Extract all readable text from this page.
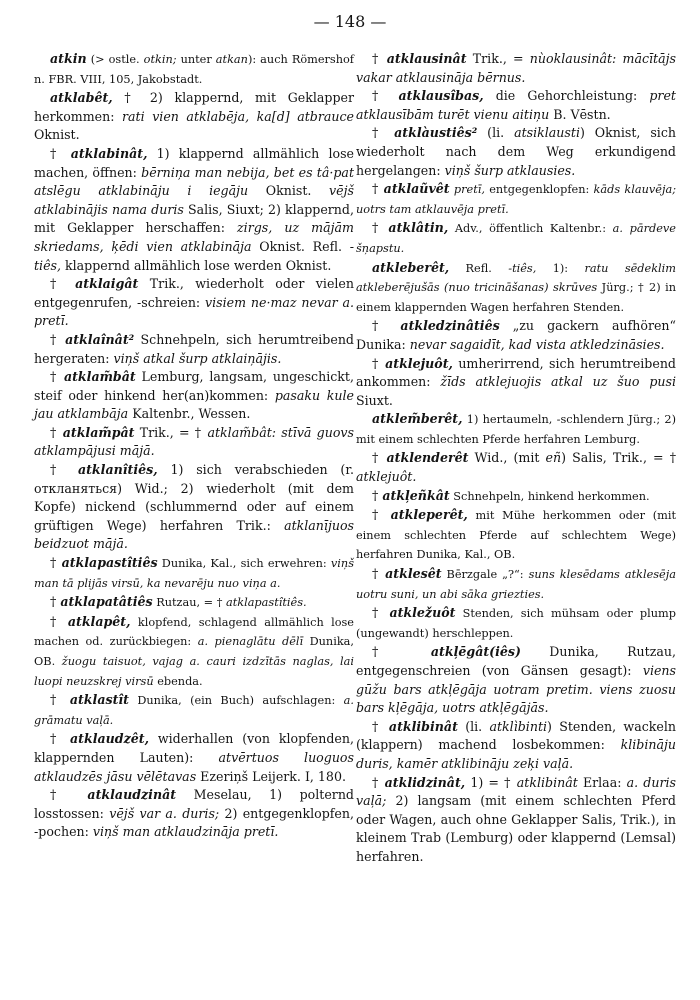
— 148 —

atkin (> ostle. otkin; unter atkan): auch Römershof n. FBR. VIII, 105, Jakobstadt.

atklabêt, † 2) klappernd, mit Geklapper herkommen: rati vien atklabēja, ka[d] atbrauce Oknist.

† atklabinât, 1) klappernd allmählich lose machen, öffnen: bērniņa man nebija, bet es tâ·pat atslēgu atklabināju i iegāju Oknist. vējš atklabinājis nama duris Salis, Siuxt; 2) klappernd, mit Geklapper herschaffen: zirgs, uz mājām skriedams, ķēdi vien atklabināja Oknist. Refl. -tiês, klappernd allmählich lose werden Oknist.

† atklaigât Trik., wiederholt oder vielen entgegenrufen, -schreien: visiem ne·maz nevar a. pretī.

† atklaînât² Schnehpeln, sich herumtreibend hergeraten: viņš atkal šurp atklaiņājis.

† atklam̃bât Lemburg, langsam, ungeschickt, steif oder hinkend her(an)kommen: pasaku kule jau atklambāja Kaltenbr., Wessen.

† atklam̃pât Trik., = † atklam̃bât: stīvā guovs atklampājusi mājā.

† atklanîtiês, 1) sich verabschieden (r. откланяться) Wid.; 2) wiederholt (mit dem Kopfe) nickend (schlummernd oder auf einem grüftigen Wege) herfahren Trik.: atklanījuos beidzuot mājā.

† atklapastîtiês Dunika, Kal., sich erwehren: viņš man tā plijās virsū, ka nevarēju nuo viņa a.

† atklapatâtiês Rutzau, = † atklapastîtiês.

† atklapêt, klopfend, schlagend allmählich lose machen od. zurückbiegen: a. pienaglātu dēlī Dunika, OB. žuogu taisuot, vajag a. cauri izdzītās naglas, lai luopi neuzskrej virsū ebenda.

† atklastît Dunika, (ein Buch) aufschlagen: a. grāmatu vaļā.

† atklaudzêt, widerhallen (von klopfenden, klappernden Lauten): atvērtuos luoguos atklaudzēs jāsu vēlētavas Ezeriņš Leijerk. I, 180.

† atklaudzinât Meselau, 1) polternd losstossen: vējš var a. duris; 2) entgegenklopfen, -pochen: viņš man atklaudzināja pretī.

† atklausinât Trik., = nùoklausinât: mācītājs vakar atklausināja bērnus.

† atklausîbas, die Gehorchleistung: pret atklausībām turēt vienu aitiņu B. Vēstn.

† atklàustiês² (li. atsiklausti) Oknist, sich wiederholt nach dem Weg erkundigend hergelangen: viņš šurp atklausies.

† atklaũvêt pretī, entgegenklopfen: kāds klauvēja; uotrs tam atklauvēja pretī.

† atklâtin, Adv., öffentlich Kaltenbr.: a. pārdeve šņapstu.

atkleberêt, Refl. -tiês, 1): ratu sēdeklim atkleberējušās (nuo tricināšanas) skrūves Jürg.; † 2) in einem klappernden Wagen herfahren Stenden.

† atkledzinâtiês „zu gackern aufhören“ Dunika: nevar sagaidīt, kad vista atkledzināsies.

† atklejuôt, umherirrend, sich herumtreibend ankommen: žīds atklejuojis atkal uz šuo pusi Siuxt.

atklem̃berêt, 1) hertaumeln, -schlendern Jürg.; 2) mit einem schlechten Pferde herfahren Lemburg.

† atklenderêt Wid., (mit eñ) Salis, Trik., = † atklejuôt.

† atkļeñkât Schnehpeln, hinkend herkommen.

† atkleperêt, mit Mühe herkommen oder (mit einem schlechten Pferde auf schlechtem Wege) herfahren Dunika, Kal., OB.

† atklesêt Bērzgale „?“: suns klesēdams atklesēja uotru suni, un abi sāka griezties.

† atkležuôt Stenden, sich mühsam oder plump (ungewandt) herschleppen.

† atkļēgât(iês) Dunika, Rutzau, entgegenschreien (von Gänsen gesagt): viens gūžu bars atkļēgāja uotram pretim. viens zuosu bars kļēgāja, uotrs atkļēgājās.

† atklibinât (li. atklìbinti) Stenden, wackeln (klappern) machend losbekommen: klibināju duris, kamēr atklibināju zeķi vaļā.

† atklidzinât, 1) = † atklibinât Erlaa: a. duris vaļā; 2) langsam (mit einem schlechten Pferd oder Wagen, auch ohne Geklapper Salis, Trik.), in kleinem Trab (Lemburg) oder klappernd (Lemsal) herfahren.
